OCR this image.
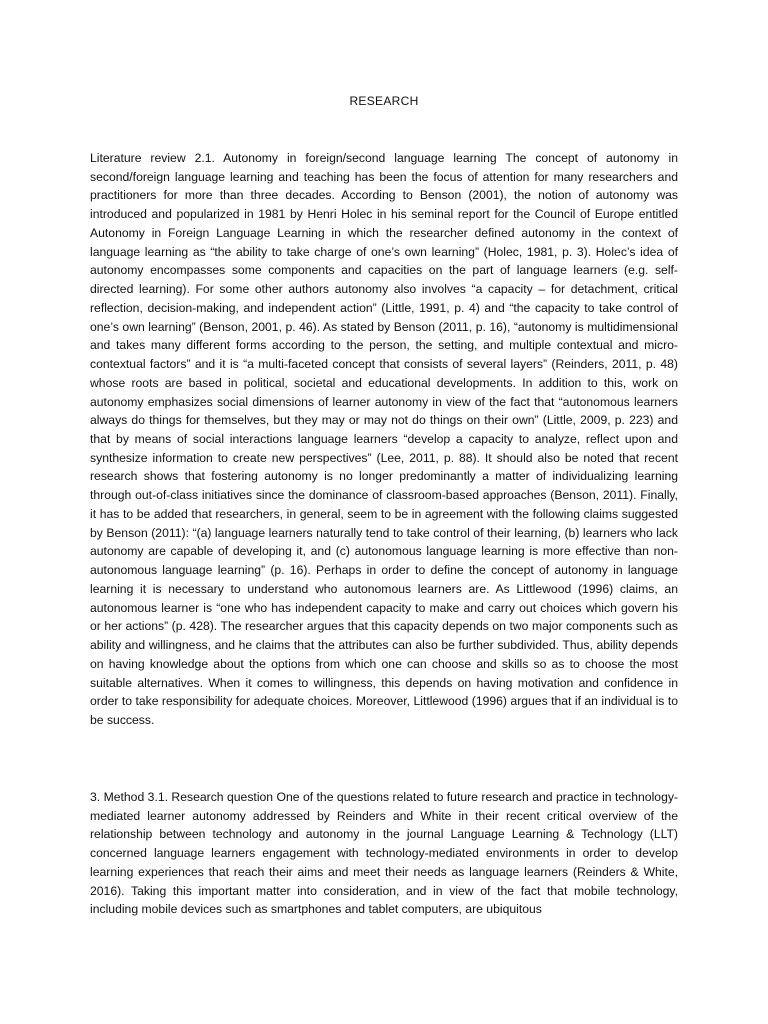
RESEARCH

Literature review 2.1. Autonomy in foreign/second language learning The concept of autonomy in second/foreign language learning and teaching has been the focus of attention for many researchers and practitioners for more than three decades. According to Benson (2001), the notion of autonomy was introduced and popularized in 1981 by Henri Holec in his seminal report for the Council of Europe entitled Autonomy in Foreign Language Learning in which the researcher defined autonomy in the context of language learning as “the ability to take charge of one’s own learning” (Holec, 1981, p. 3). Holec’s idea of autonomy encompasses some components and capacities on the part of language learners (e.g. self-directed learning). For some other authors autonomy also involves “a capacity – for detachment, critical reflection, decision-making, and independent action” (Little, 1991, p. 4) and “the capacity to take control of one’s own learning” (Benson, 2001, p. 46). As stated by Benson (2011, p. 16), “autonomy is multidimensional and takes many different forms according to the person, the setting, and multiple contextual and micro-contextual factors” and it is “a multi-faceted concept that consists of several layers” (Reinders, 2011, p. 48) whose roots are based in political, societal and educational developments. In addition to this, work on autonomy emphasizes social dimensions of learner autonomy in view of the fact that “autonomous learners always do things for themselves, but they may or may not do things on their own” (Little, 2009, p. 223) and that by means of social interactions language learners “develop a capacity to analyze, reflect upon and synthesize information to create new perspectives” (Lee, 2011, p. 88). It should also be noted that recent research shows that fostering autonomy is no longer predominantly a matter of individualizing learning through out-of-class initiatives since the dominance of classroom-based approaches (Benson, 2011). Finally, it has to be added that researchers, in general, seem to be in agreement with the following claims suggested by Benson (2011): “(a) language learners naturally tend to take control of their learning, (b) learners who lack autonomy are capable of developing it, and (c) autonomous language learning is more effective than non-autonomous language learning” (p. 16). Perhaps in order to define the concept of autonomy in language learning it is necessary to understand who autonomous learners are. As Littlewood (1996) claims, an autonomous learner is “one who has independent capacity to make and carry out choices which govern his or her actions” (p. 428). The researcher argues that this capacity depends on two major components such as ability and willingness, and he claims that the attributes can also be further subdivided. Thus, ability depends on having knowledge about the options from which one can choose and skills so as to choose the most suitable alternatives. When it comes to willingness, this depends on having motivation and confidence in order to take responsibility for adequate choices. Moreover, Littlewood (1996) argues that if an individual is to be success.

3. Method 3.1. Research question One of the questions related to future research and practice in technology-mediated learner autonomy addressed by Reinders and White in their recent critical overview of the relationship between technology and autonomy in the journal Language Learning & Technology (LLT) concerned language learners engagement with technology-mediated environments in order to develop learning experiences that reach their aims and meet their needs as language learners (Reinders & White, 2016). Taking this important matter into consideration, and in view of the fact that mobile technology, including mobile devices such as smartphones and tablet computers, are ubiquitous
